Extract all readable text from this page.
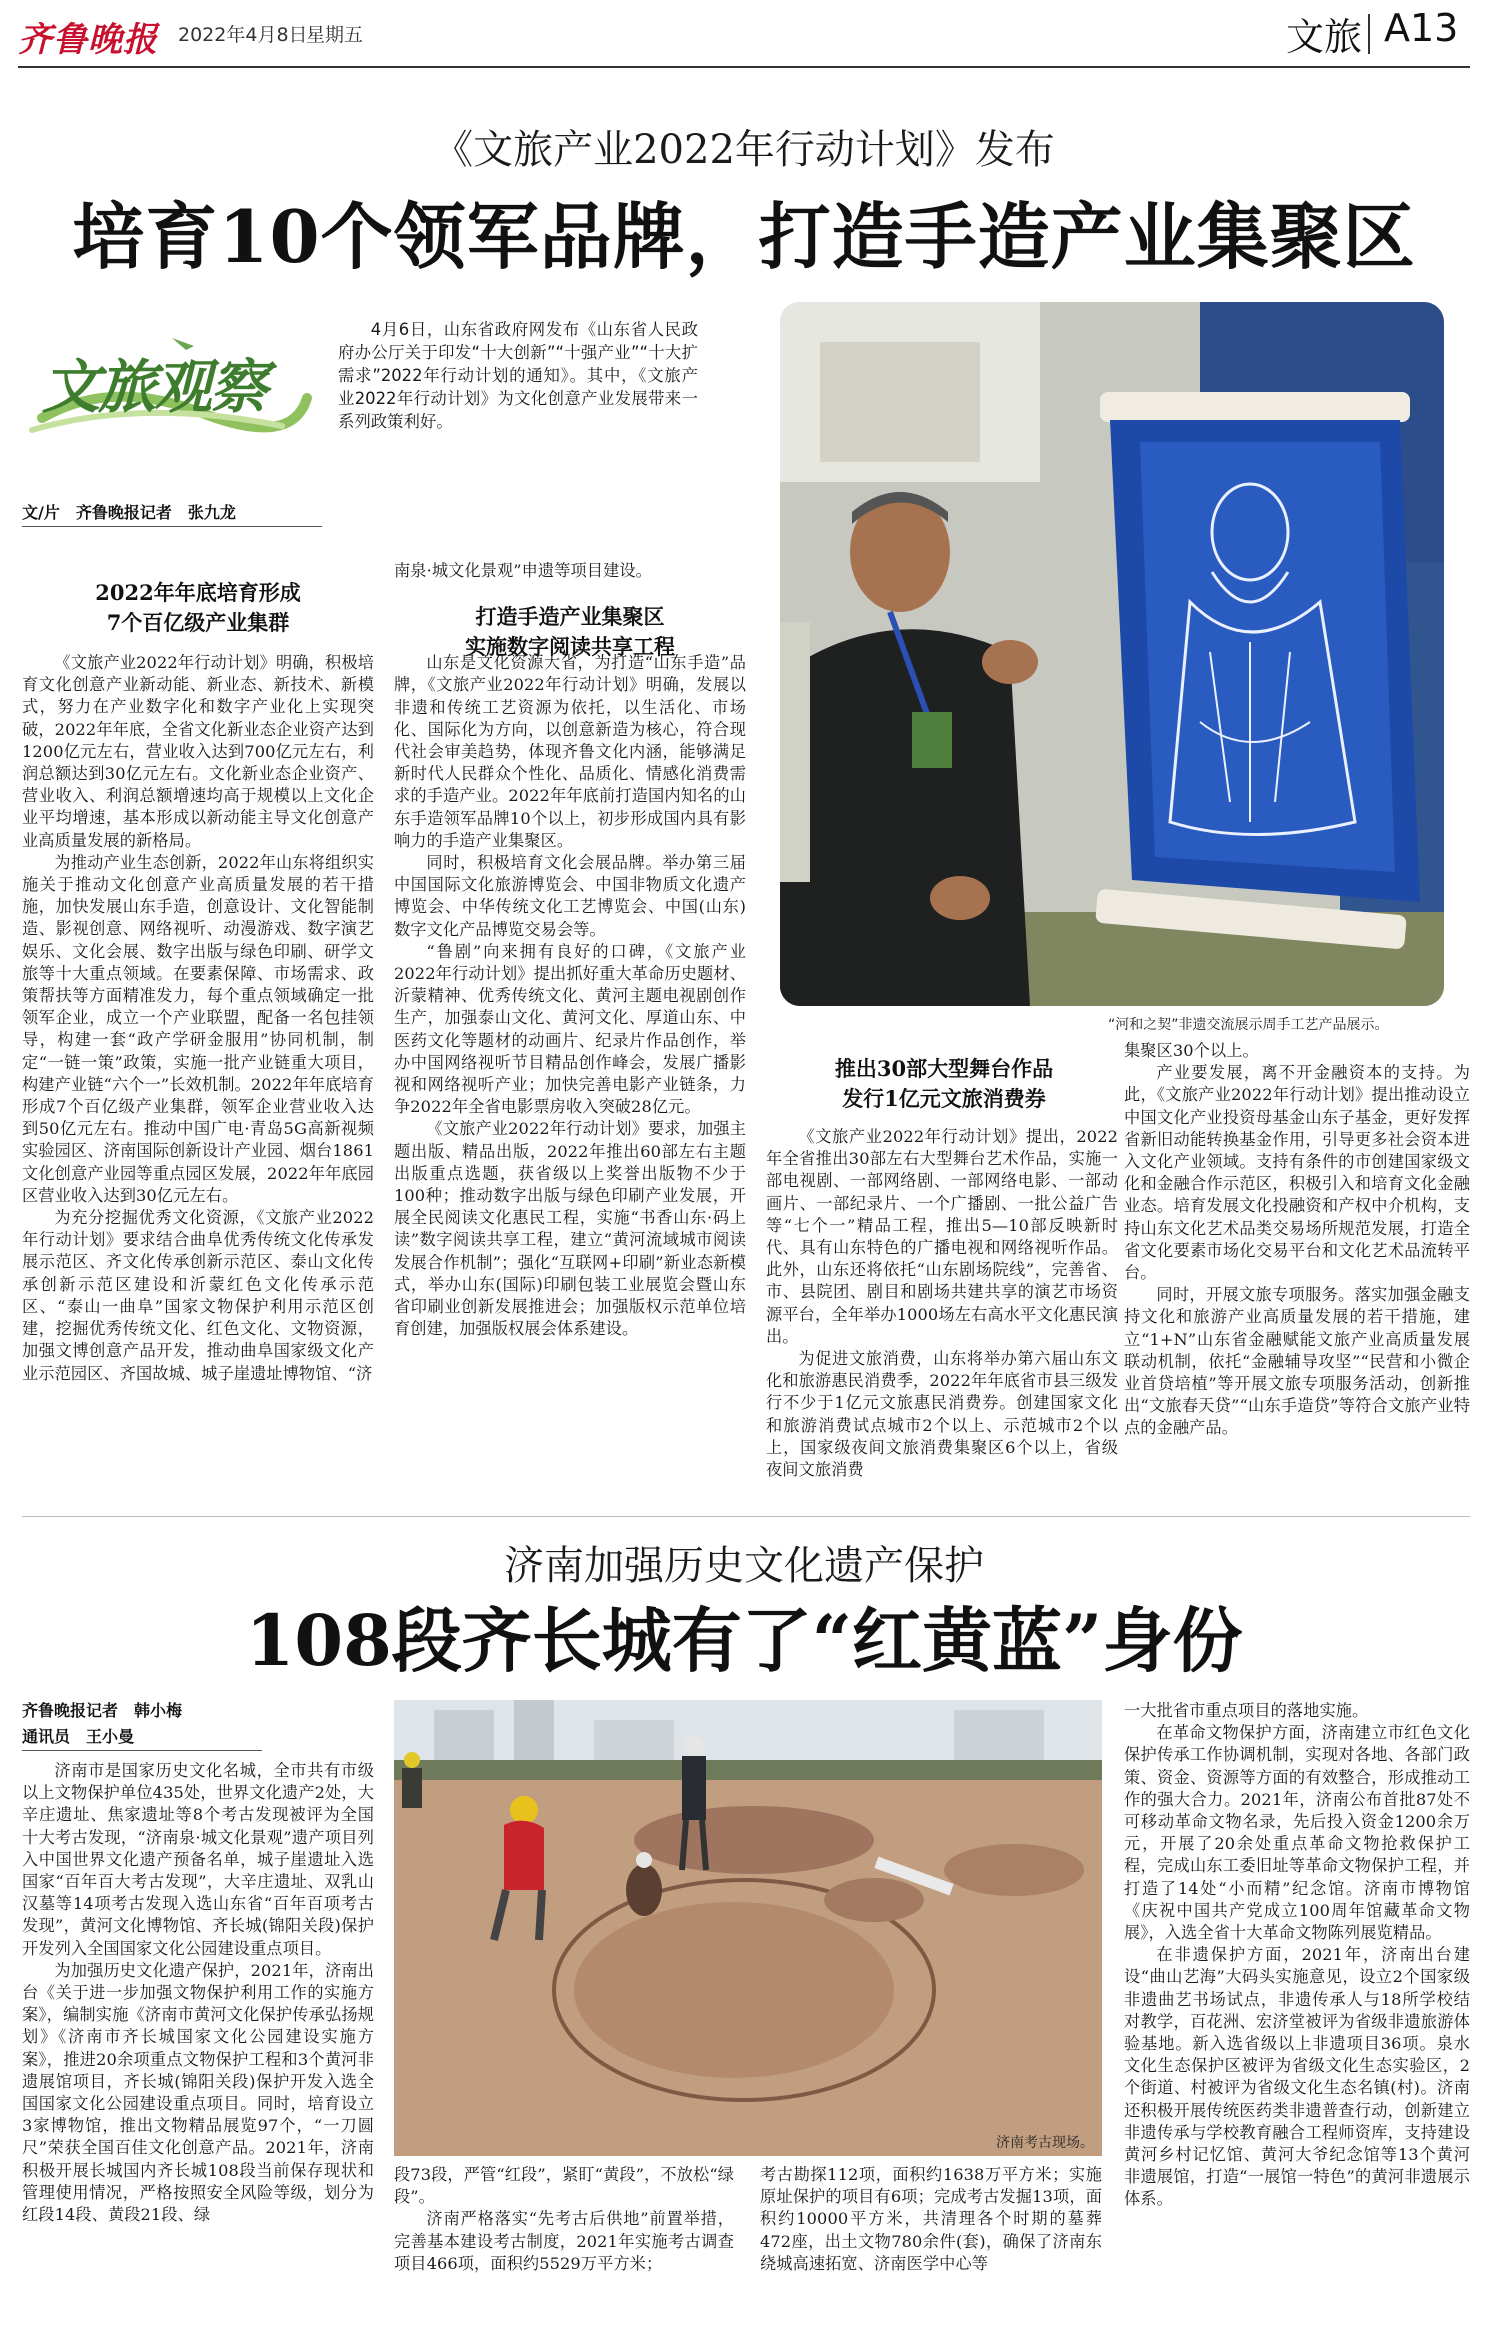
齐鲁晚报 2022年4月8日
星期五	文旅 A13
《文旅产业2022年行动计划》发布
培育10个领军品牌，打造手造产业集聚区
文旅观察
4月6日，山东省政府网发布《山东省人民政府办公厅关于印发“十大创新”“十强产业”“十大扩需求”2022年行动计划的通知》。其中，《文旅产业2022年行动计划》为文化创意产业发展带来一系列政策利好。
文/片　齐鲁晚报记者　张九龙
“河和之契”非遗交流展示周手工艺产品展示。
2022年年底培育形成
7个百亿级产业集群	打造手造产业集聚区
实施数字阅读共享工程
推出30部大型舞台作品
发行1亿元文旅消费券

《文旅产业2022年行动计划》明确，积极培育文化创意产业新动能、新业态、新技术、新模式，努力在产业数字化和数字产业化上实现突破，2022年年底，全省文化新业态企业资产达到1200亿元左右，营业收入达到700亿元左右，利润总额达到30亿元左右。文化新业态企业资产、营业收入、利润总额增速均高于规模以上文化企业平均增速，基本形成以新动能主导文化创意产业高质量发展的新格局。

为推动产业生态创新，2022年山东将组织实施关于推动文化创意产业高质量发展的若干措施，加快发展山东手造，创意设计、文化智能制造、影视创意、网络视听、动漫游戏、数字演艺娱乐、文化会展、数字出版与绿色印刷、研学文旅等十大重点领域。在要素保障、市场需求、政策帮扶等方面精准发力，每个重点领域确定一批领军企业，成立一个产业联盟，配备一名包挂领导，构建一套“政产学研金服用”协同机制，制定“一链一策”政策，实施一批产业链重大项目，构建产业链“六个一”长效机制。2022年年底培育形成7个百亿级产业集群，领军企业营业收入达到50亿元左右。推动中国广电·青岛5G高新视频实验园区、济南国际创新设计产业园、烟台1861文化创意产业园等重点园区发展，2022年年底园区营业收入达到30亿元左右。

为充分挖掘优秀文化资源，《文旅产业2022年行动计划》要求结合曲阜优秀传统文化传承发展示范区、齐文化传承创新示范区、泰山文化传承创新示范区建设和沂蒙红色文化传承示范区、“泰山一曲阜”国家文物保护利用示范区创建，挖掘优秀传统文化、红色文化、文物资源，加强文博创意产品开发，推动曲阜国家级文化产业示范园区、齐国故城、城子崖遗址博物馆、“济

南泉·城文化景观”申遗等项目建设。

山东是文化资源大省，为打造“山东手造”品牌，《文旅产业2022年行动计划》明确，发展以非遗和传统工艺资源为依托，以生活化、市场化、国际化为方向，以创意新造为核心，符合现代社会审美趋势，体现齐鲁文化内涵，能够满足新时代人民群众个性化、品质化、情感化消费需求的手造产业。2022年年底前打造国内知名的山东手造领军品牌10个以上，初步形成国内具有影响力的手造产业集聚区。

同时，积极培育文化会展品牌。举办第三届中国国际文化旅游博览会、中国非物质文化遗产博览会、中华传统文化工艺博览会、中国(山东)数字文化产品博览交易会等。

“鲁剧”向来拥有良好的口碑，《文旅产业2022年行动计划》提出抓好重大革命历史题材、沂蒙精神、优秀传统文化、黄河主题电视剧创作生产，加强泰山文化、黄河文化、厚道山东、中医药文化等题材的动画片、纪录片作品创作，举办中国网络视听节目精品创作峰会，发展广播影视和网络视听产业；加快完善电影产业链条，力争2022年全省电影票房收入突破28亿元。

《文旅产业2022年行动计划》要求，加强主题出版、精品出版，2022年推出60部左右主题出版重点选题，获省级以上奖誉出版物不少于100种；推动数字出版与绿色印刷产业发展，开展全民阅读文化惠民工程，实施“书香山东·码上读”数字阅读共享工程，建立“黄河流域城市阅读发展合作机制”；强化“互联网+印刷”新业态新模式，举办山东(国际)印刷包装工业展览会暨山东省印刷业创新发展推进会；加强版权示范单位培育创建，加强版权展会体系建设。

《文旅产业2022年行动计划》提出，2022年全省推出30部左右大型舞台艺术作品，实施一部电视剧、一部网络剧、一部网络电影、一部动画片、一部纪录片、一个广播剧、一批公益广告等“七个一”精品工程，推出5—10部反映新时代、具有山东特色的广播电视和网络视听作品。此外，山东还将依托“山东剧场院线”，完善省、市、县院团、剧目和剧场共建共享的演艺市场资源平台，全年举办1000场左右高水平文化惠民演出。

为促进文旅消费，山东将举办第六届山东文化和旅游惠民消费季，2022年年底省市县三级发行不少于1亿元文旅惠民消费券。创建国家文化和旅游消费试点城市2个以上、示范城市2个以上，国家级夜间文旅消费集聚区6个以上，省级夜间文旅消费

集聚区30个以上。

产业要发展，离不开金融资本的支持。为此，《文旅产业2022年行动计划》提出推动设立中国文化产业投资母基金山东子基金，更好发挥省新旧动能转换基金作用，引导更多社会资本进入文化产业领域。支持有条件的市创建国家级文化和金融合作示范区，积极引入和培育文化金融业态。培育发展文化投融资和产权中介机构，支持山东文化艺术品类交易场所规范发展，打造全省文化要素市场化交易平台和文化艺术品流转平台。

同时，开展文旅专项服务。落实加强金融支持文化和旅游产业高质量发展的若干措施，建立“1+N”山东省金融赋能文旅产业高质量发展联动机制，依托“金融辅导攻坚”“民营和小微企业首贷培植”等开展文旅专项服务活动，创新推出“文旅春天贷”“山东手造贷”等符合文旅产业特点的金融产品。

济南加强历史文化遗产保护
108段齐长城有了“红黄蓝”身份
齐鲁晚报记者　韩小梅
通讯员　王小曼
济南考古现场。

济南市是国家历史文化名城，全市共有市级以上文物保护单位435处，世界文化遗产2处，大辛庄遗址、焦家遗址等8个考古发现被评为全国十大考古发现，“济南泉·城文化景观”遗产项目列入中国世界文化遗产预备名单，城子崖遗址入选国家“百年百大考古发现”，大辛庄遗址、双乳山汉墓等14项考古发现入选山东省“百年百项考古发现”，黄河文化博物馆、齐长城(锦阳关段)保护开发列入全国国家文化公园建设重点项目。

为加强历史文化遗产保护，2021年，济南出台《关于进一步加强文物保护利用工作的实施方案》，编制实施《济南市黄河文化保护传承弘扬规划》《济南市齐长城国家文化公园建设实施方案》，推进20余项重点文物保护工程和3个黄河非遗展馆项目，齐长城(锦阳关段)保护开发入选全国国家文化公园建设重点项目。同时，培育设立3家博物馆，推出文物精品展览97个，“一刀圆尺”荣获全国百佳文化创意产品。2021年，济南积极开展长城国内齐长城108段当前保存现状和管理使用情况，严格按照安全风险等级，划分为红段14段、黄段21段、绿

段73段，严管“红段”，紧盯“黄段”，不放松“绿段”。

济南严格落实“先考古后供地”前置举措，完善基本建设考古制度，2021年实施考古调查项目466项，面积约5529万平方米；

考古勘探112项，面积约1638万平方米；实施原址保护的项目有6项；完成考古发掘13项，面积约10000平方米，共清理各个时期的墓葬472座，出土文物780余件(套)，确保了济南东绕城高速拓宽、济南医学中心等

一大批省市重点项目的落地实施。

在革命文物保护方面，济南建立市红色文化保护传承工作协调机制，实现对各地、各部门政策、资金、资源等方面的有效整合，形成推动工作的强大合力。2021年，济南公布首批87处不可移动革命文物名录，先后投入资金1200余万元，开展了20余处重点革命文物抢救保护工程，完成山东工委旧址等革命文物保护工程，并打造了14处“小而精”纪念馆。济南市博物馆《庆祝中国共产党成立100周年馆藏革命文物展》，入选全省十大革命文物陈列展览精品。

在非遗保护方面，2021年，济南出台建设“曲山艺海”大码头实施意见，设立2个国家级非遗曲艺书场试点，非遗传承人与18所学校结对教学，百花洲、宏济堂被评为省级非遗旅游体验基地。新入选省级以上非遗项目36项。泉水文化生态保护区被评为省级文化生态实验区，2个街道、村被评为省级文化生态名镇(村)。济南还积极开展传统医药类非遗普查行动，创新建立非遗传承与学校教育融合工程师资库，支持建设黄河乡村记忆馆、黄河大爷纪念馆等13个黄河非遗展馆，打造“一展馆一特色”的黄河非遗展示体系。
